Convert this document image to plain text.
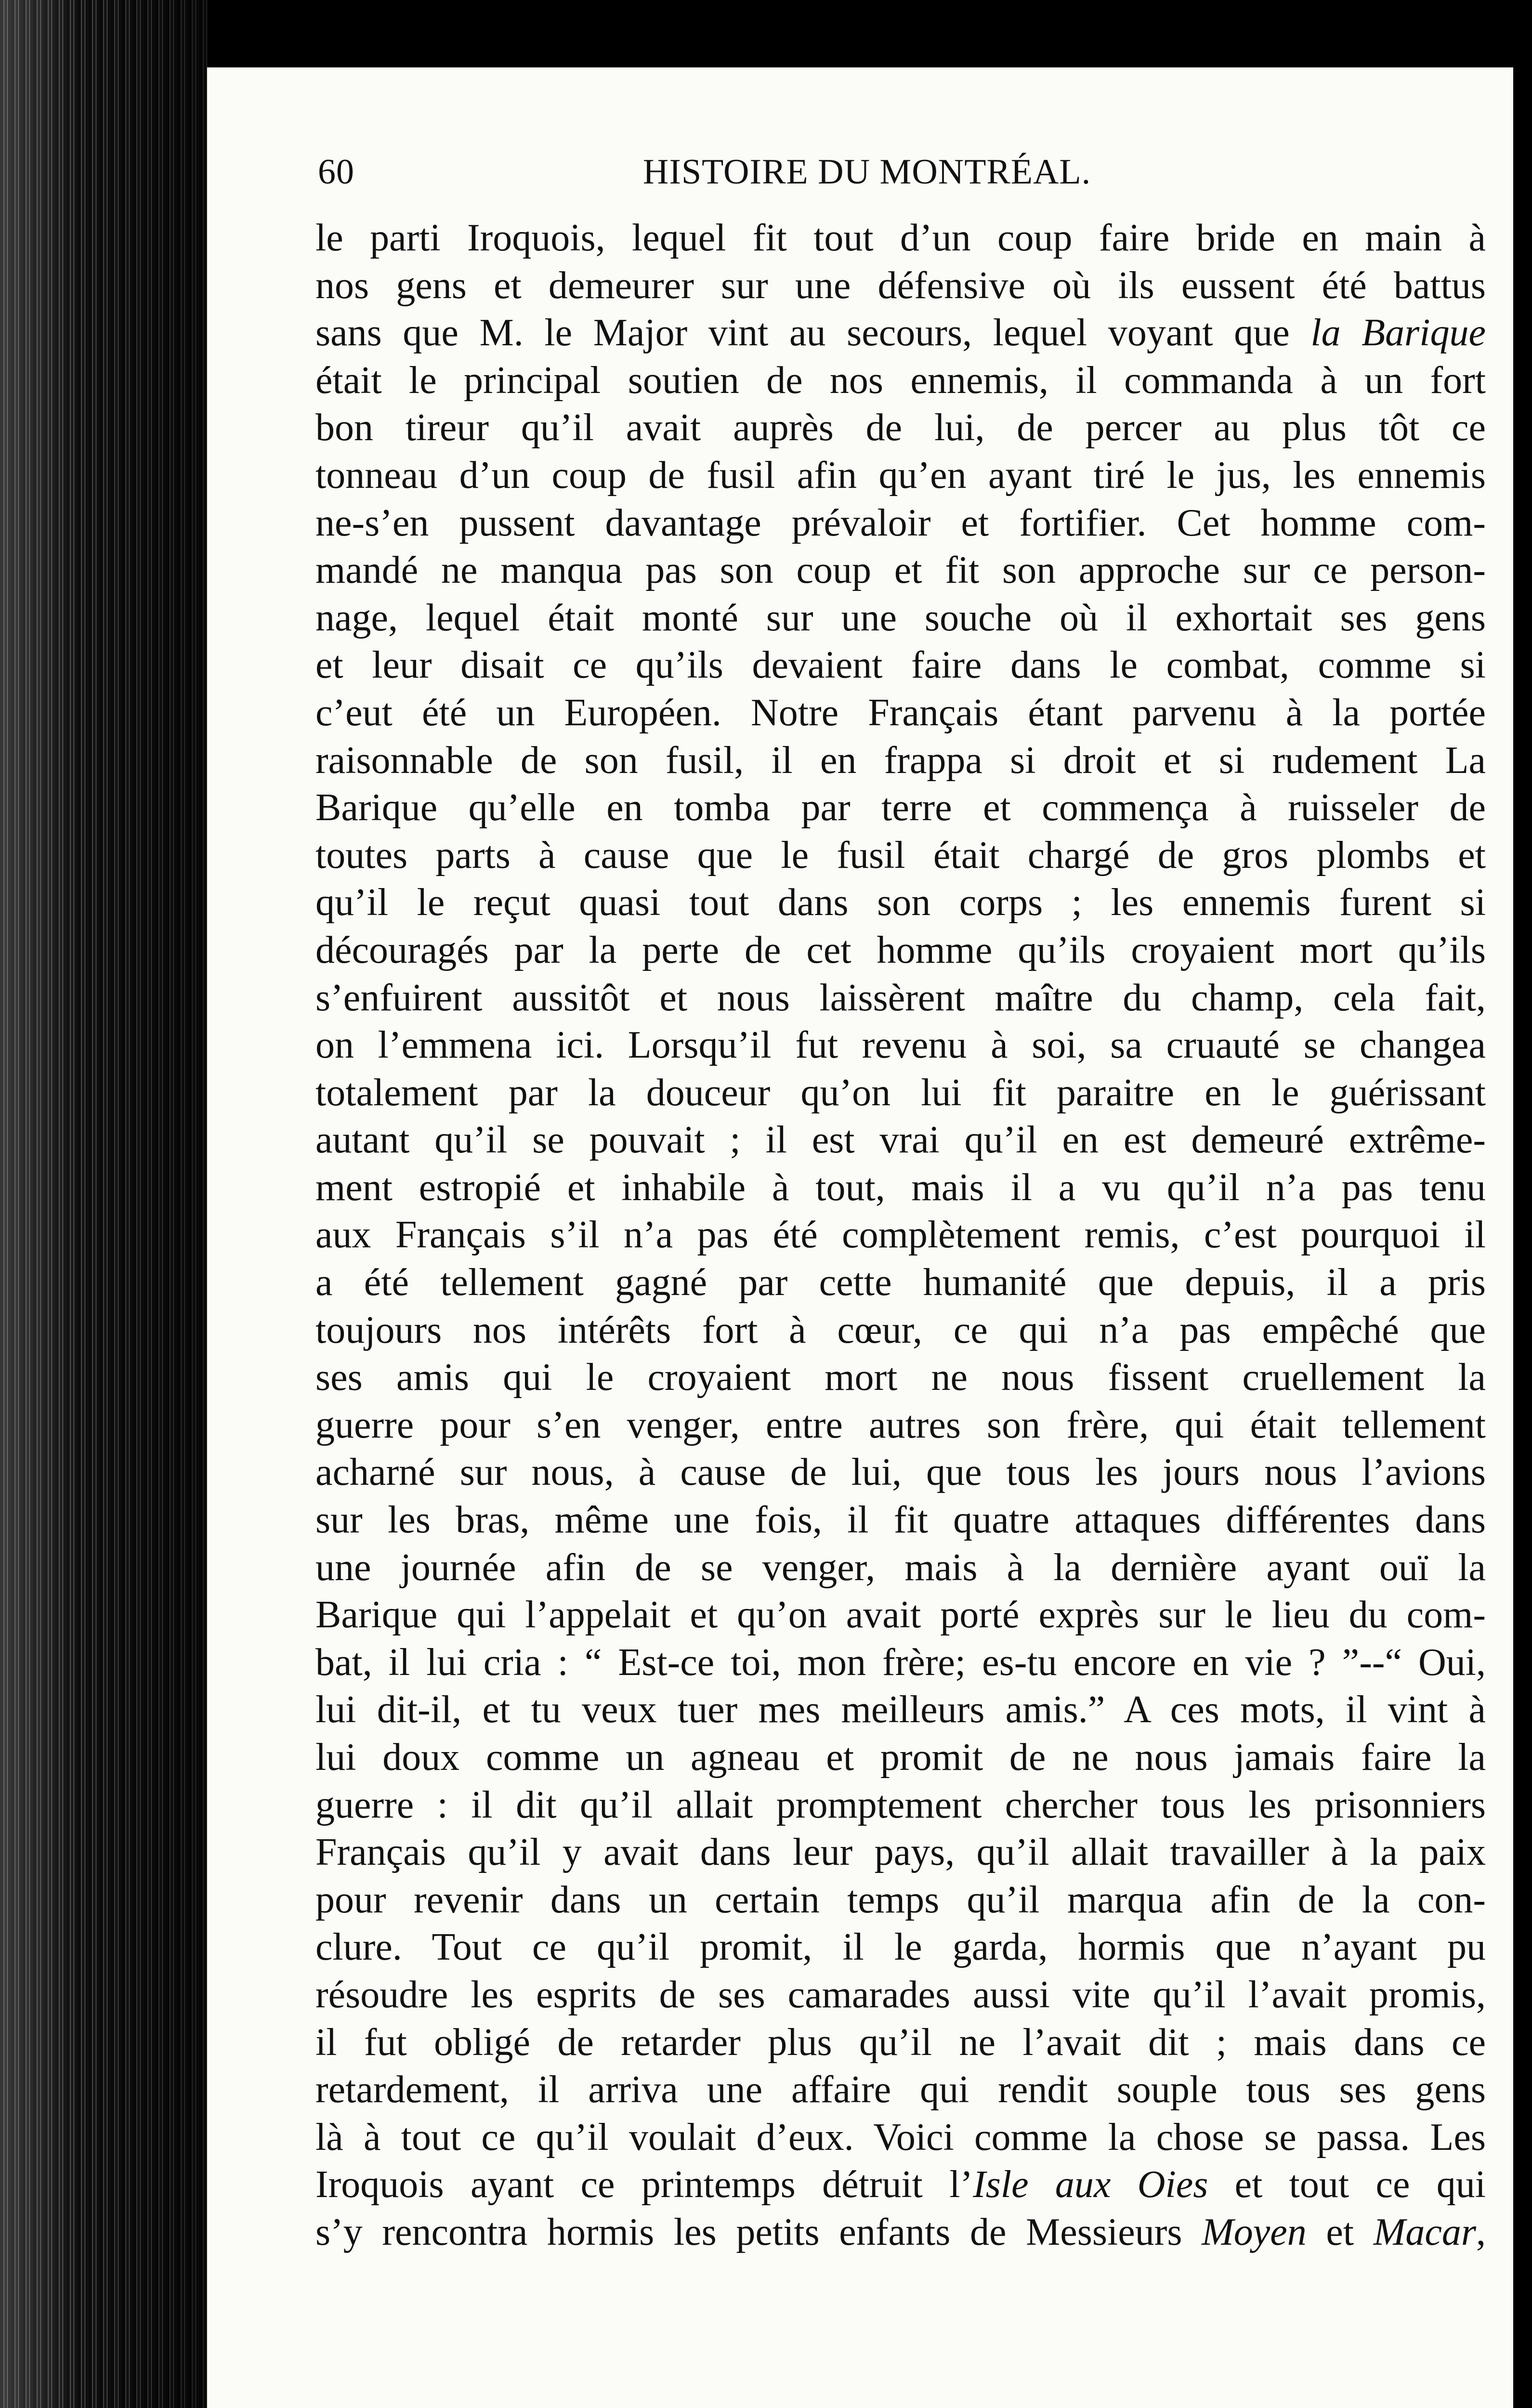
60	HISTOIRE DU MONTRÉAL.
le parti Iroquois, lequel fit tout d’un coup faire bride en main à
nos gens et demeurer sur une défensive où ils eussent été battus
sans que M. le Major vint au secours, lequel voyant que la Barique
était le principal soutien de nos ennemis, il commanda à un fort
bon tireur qu’il avait auprès de lui, de percer au plus tôt ce
tonneau d’un coup de fusil afin qu’en ayant tiré le jus, les ennemis
ne-s’en pussent davantage prévaloir et fortifier. Cet homme com-
mandé ne manqua pas son coup et fit son approche sur ce person-
nage, lequel était monté sur une souche où il exhortait ses gens
et leur disait ce qu’ils devaient faire dans le combat, comme si
c’eut été un Européen. Notre Français étant parvenu à la portée
raisonnable de son fusil, il en frappa si droit et si rudement La
Barique qu’elle en tomba par terre et commença à ruisseler de
toutes parts à cause que le fusil était chargé de gros plombs et
qu’il le reçut quasi tout dans son corps ; les ennemis furent si
découragés par la perte de cet homme qu’ils croyaient mort qu’ils
s’enfuirent aussitôt et nous laissèrent maître du champ, cela fait,
on l’emmena ici. Lorsqu’il fut revenu à soi, sa cruauté se changea
totalement par la douceur qu’on lui fit paraitre en le guérissant
autant qu’il se pouvait ; il est vrai qu’il en est demeuré extrême-
ment estropié et inhabile à tout, mais il a vu qu’il n’a pas tenu
aux Français s’il n’a pas été complètement remis, c’est pourquoi il
a été tellement gagné par cette humanité que depuis, il a pris
toujours nos intérêts fort à cœur, ce qui n’a pas empêché que
ses amis qui le croyaient mort ne nous fissent cruellement la
guerre pour s’en venger, entre autres son frère, qui était tellement
acharné sur nous, à cause de lui, que tous les jours nous l’avions
sur les bras, même une fois, il fit quatre attaques différentes dans
une journée afin de se venger, mais à la dernière ayant ouï la
Barique qui l’appelait et qu’on avait porté exprès sur le lieu du com-
bat, il lui cria : “ Est-ce toi, mon frère; es-tu encore en vie ? ”--“ Oui,
lui dit-il, et tu veux tuer mes meilleurs amis.” A ces mots, il vint à
lui doux comme un agneau et promit de ne nous jamais faire la
guerre : il dit qu’il allait promptement chercher tous les prisonniers
Français qu’il y avait dans leur pays, qu’il allait travailler à la paix
pour revenir dans un certain temps qu’il marqua afin de la con-
clure. Tout ce qu’il promit, il le garda, hormis que n’ayant pu
résoudre les esprits de ses camarades aussi vite qu’il l’avait promis,
il fut obligé de retarder plus qu’il ne l’avait dit ; mais dans ce
retardement, il arriva une affaire qui rendit souple tous ses gens
là à tout ce qu’il voulait d’eux. Voici comme la chose se passa. Les
Iroquois ayant ce printemps détruit l’Isle aux Oies et tout ce qui
s’y rencontra hormis les petits enfants de Messieurs Moyen et Macar,
